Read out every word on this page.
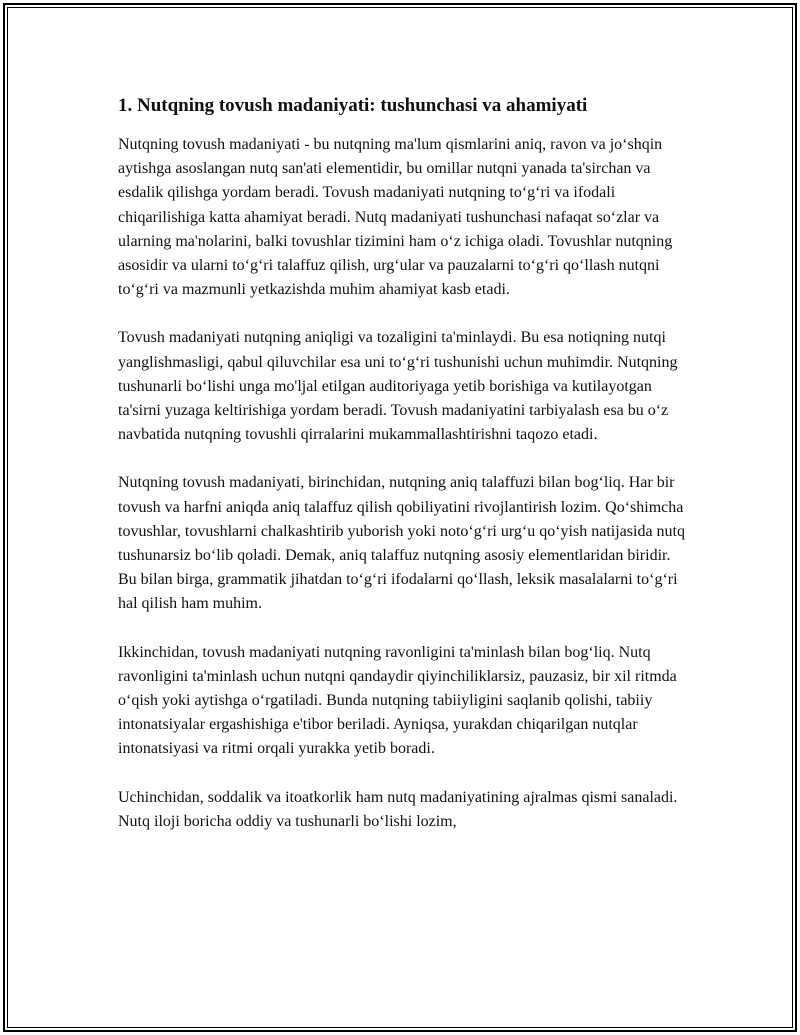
1. Nutqning tovush madaniyati: tushunchasi va ahamiyati

Nutqning tovush madaniyati - bu nutqning ma'lum qismlarini aniq, ravon va jo‘shqin aytishga asoslangan nutq san'ati elementidir, bu omillar nutqni yanada ta'sirchan va esdalik qilishga yordam beradi. Tovush madaniyati nutqning to‘g‘ri va ifodali chiqarilishiga katta ahamiyat beradi. Nutq madaniyati tushunchasi nafaqat so‘zlar va ularning ma'nolarini, balki tovushlar tizimini ham o‘z ichiga oladi. Tovushlar nutqning asosidir va ularni to‘g‘ri talaffuz qilish, urg‘ular va pauzalarni to‘g‘ri qo‘llash nutqni to‘g‘ri va mazmunli yetkazishda muhim ahamiyat kasb etadi.

Tovush madaniyati nutqning aniqligi va tozaligini ta'minlaydi. Bu esa notiqning nutqi yanglishmasligi, qabul qiluvchilar esa uni to‘g‘ri tushunishi uchun muhimdir. Nutqning tushunarli bo‘lishi unga mo'ljal etilgan auditoriyaga yetib borishiga va kutilayotgan ta'sirni yuzaga keltirishiga yordam beradi. Tovush madaniyatini tarbiyalash esa bu o‘z navbatida nutqning tovushli qirralarini mukammallashtirishni taqozo etadi.

Nutqning tovush madaniyati, birinchidan, nutqning aniq talaffuzi bilan bog‘liq. Har bir tovush va harfni aniqda aniq talaffuz qilish qobiliyatini rivojlantirish lozim. Qo‘shimcha tovushlar, tovushlarni chalkashtirib yuborish yoki noto‘g‘ri urg‘u qo‘yish natijasida nutq tushunarsiz bo‘lib qoladi. Demak, aniq talaffuz nutqning asosiy elementlaridan biridir. Bu bilan birga, grammatik jihatdan to‘g‘ri ifodalarni qo‘llash, leksik masalalarni to‘g‘ri hal qilish ham muhim.

Ikkinchidan, tovush madaniyati nutqning ravonligini ta'minlash bilan bog‘liq. Nutq ravonligini ta'minlash uchun nutqni qandaydir qiyinchiliklarsiz, pauzasiz, bir xil ritmda o‘qish yoki aytishga o‘rgatiladi. Bunda nutqning tabiiyligini saqlanib qolishi, tabiiy intonatsiyalar ergashishiga e'tibor beriladi. Ayniqsa, yurakdan chiqarilgan nutqlar intonatsiyasi va ritmi orqali yurakka yetib boradi.

Uchinchidan, soddalik va itoatkorlik ham nutq madaniyatining ajralmas qismi sanaladi. Nutq iloji boricha oddiy va tushunarli bo‘lishi lozim,
